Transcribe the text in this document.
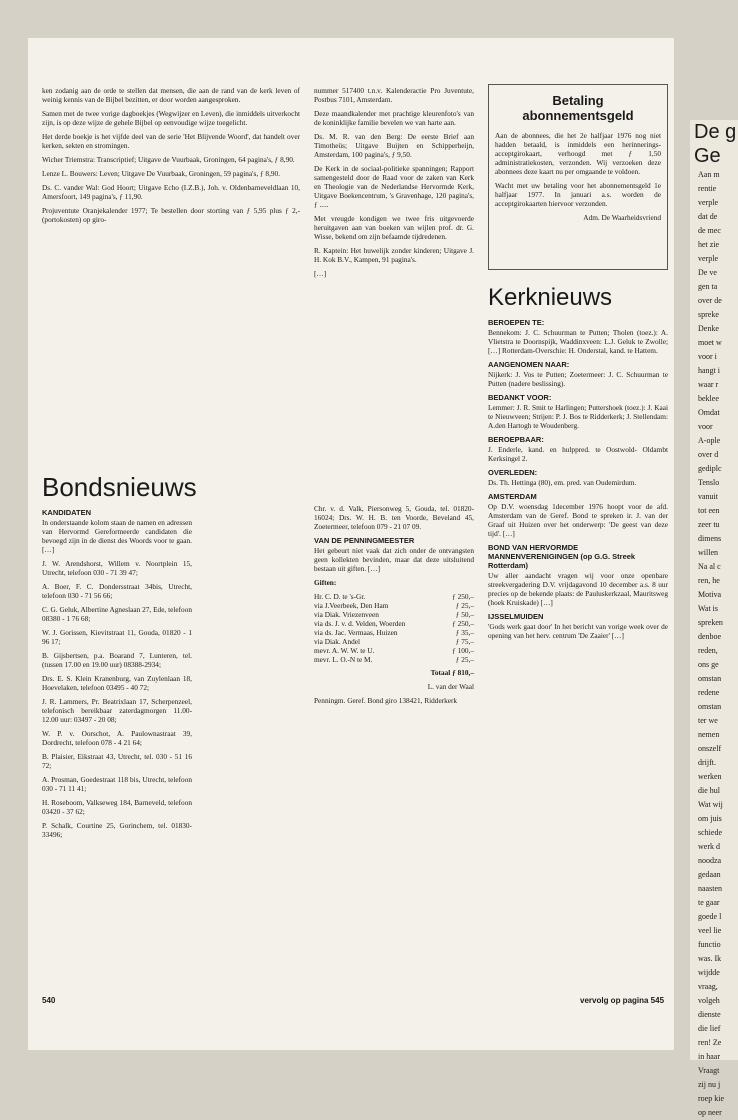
ken zodanig aan de orde te stellen dat mensen, die aan de rand van de kerk leven of weinig kennis van de Bijbel bezitten, er door worden aangesproken.

Samen met de twee vorige dagboekjes (Wegwijzer en Leven), die inmiddels uitverkocht zijn, is op deze wijze de gehele Bijbel op eenvoudige wijze toegelicht.

Het derde boekje is het vijfde deel van de serie 'Het Blijvende Woord', dat handelt over kerken, sekten en stromingen.

Wicher Triemstra: Transcriptief; Uitgave de Vuurbaak, Groningen, 64 pagina's, ƒ 8,90.

Lenze L. Bouwers: Leven; Uitgave De Vuurbaak, Groningen, 59 pagina's, ƒ 8,90.

Ds. C. vander Wal: God Hoort; Uitgave Echo (I.Z.B.), Joh. v. Oldenbarneveldlaan 10, Amersfoort, 149 pagina's, ƒ 11,90.

Projuventute Oranjekalender 1977; Te bestellen door storting van ƒ 5,95 plus ƒ 2,- (portokosten) op giro-

nummer 517400 t.n.v. Kalenderactie Pro Juventute, Postbus 7101, Amsterdam.

Deze maandkalender met prachtige kleurenfoto's van de koninklijke familie bevelen we van harte aan.

Ds. M. R. van den Berg: De eerste Brief aan Timotheüs; Uitgave Buijten en Schipperheijn, Amsterdam, 100 pagina's, ƒ 9,50.

De Kerk in de sociaal-politieke spanningen; Rapport samengesteld door de Raad voor de zaken van Kerk en Theologie van de Nederlandse Hervormde Kerk, Uitgave Boekencentrum, 's Gravenhage, 120 pagina's, ƒ .....

Met vreugde kondigen we twee fris uitgevoerde heruitgaven aan van boeken van wijlen prof. dr. G. Wisse, bekend om zijn befaamde tijdredenen.

R. Kaptein: Het huwelijk zonder kinderen; Uitgave J. H. Kok B.V., Kampen, 91 pagina's.

[…]

Betaling abonnementsgeld

Aan de abonnees, die het 2e halfjaar 1976 nog niet hadden betaald, is inmiddels een herinnerings-acceptgirokaart, verhoogd met ƒ 1,50 administratiekosten, verzonden. Wij verzoeken deze abonnees deze kaart nu per omgaande te voldoen.

Wacht met uw betaling voor het abonnementsgeld 1e halfjaar 1977. In januari a.s. worden de acceptgirokaarten hiervoor verzonden.

Adm. De Waarheidsvriend

Kerknieuws
BEROEPEN TE:

Bennekom: J. C. Schuurman te Putten; Tholen (toez.): A. Vlietstra te Doornspijk, Waddinxveen: L.J. Geluk te Zwolle; […] Rotterdam-Overschie: H. Onderstal, kand. te Hattem.

AANGENOMEN NAAR:

Nijkerk: J. Vos te Putten; Zoetermeer: J. C. Schuurman te Putten (nadere beslissing).

BEDANKT VOOR:

Lemmer: J. R. Smit te Harlingen; Puttershoek (toez.): J. Kaai te Nieuwveen; Strijen: P. J. Bos te Ridderkerk; J. Stellendam: A.den Hartogh te Woudenberg.

BEROEPBAAR:

J. Enderle, kand. en hulppred. te Oostwold- Oldambt Kerksingel 2.

OVERLEDEN:

Ds. Th. Hettinga (80), em. pred. van Oudemirdum.

AMSTERDAM

Op D.V. woensdag 1december 1976 hoopt voor de afd. Amsterdam van de Geref. Bond te spreken ir. J. van der Graaf uit Huizen over het onderwerp: 'De geest van deze tijd'. […]

BOND VAN HERVORMDE MANNENVERENIGINGEN (op G.G. Streek Rotterdam)

Uw aller aandacht vragen wij voor onze openbare streekvergadering D.V. vrijdagavond 10 december a.s. 8 uur precies op de bekende plaats: de Pauluskerkzaal, Mauritsweg (hoek Kruiskade) […]

IJSSELMUIDEN

'Gods werk gaat door' In het bericht van vorige week over de opening van het herv. centrum 'De Zaaier' […]

Bondsnieuws
KANDIDATEN

In onderstaande kolom staan de namen en adressen van Hervormd Gereformeerde candidaten die bevoegd zijn in de dienst des Woords voor te gaan. […]

J. W. Arendshorst, Willem v. Noortplein 15, Utrecht, telefoon 030 - 71 39 47;

A. Boer, F. C. Dondersstraat 34bis, Utrecht, telefoon 030 - 71 56 66;

C. G. Geluk, Albertine Agneslaan 27, Ede, telefoon 08380 - 1 76 68;

W. J. Gorissen, Kievitstraat 11, Gouda, 01820 - 1 96 17;

B. Gijsbertsen, p.a. Boarand 7, Lunteren, tel. (tussen 17.00 en 19.00 uur) 08388-2934;

Drs. E. S. Klein Kranenburg, van Zuylenlaan 18, Hoevelaken, telefoon 03495 - 40 72;

J. R. Lammers, Pr. Beatrixlaan 17, Scherpenzeel, telefonisch bereikbaar zaterdagmorgen 11.00-12.00 uur: 03497 - 20 08;

W. P. v. Oorschot, A. Paulownastraat 39, Dordrecht, telefoon 078 - 4 21 64;

B. Plaisier, Eikstraat 43, Utrecht, tel. 030 - 51 16 72;

A. Prosman, Goedestraat 118 bis, Utrecht, telefoon 030 - 71 11 41;

H. Roseboom, Valkseweg 184, Barneveld, telefoon 03420 - 37 62;

P. Schalk, Courtine 25, Gorinchem, tel. 01830-33496;

Chr. v. d. Valk, Piersonweg 5, Gouda, tel. 01820-16024; Drs. W. H. B. ten Voorde, Beveland 45, Zoetermeer, telefoon 079 - 21 07 09.

VAN DE PENNINGMEESTER

Het gebeurt niet vaak dat zich onder de ontvangsten geen kollekten bevinden, maar dat deze uitsluitend bestaan uit giften. […]

Giften:

Hr. C. D. te 's-Gr.	ƒ 250,–
via J.Veerbeek, Den Ham	ƒ 25,–
via Diak. Vriezenveen	ƒ 50,–
via ds. J. v. d. Velden, Woerden	ƒ 250,–
via ds. Jac. Vermaas, Huizen	ƒ 35,–
via Diak. Andel	ƒ 75,–
mevr. A. W. W. te U.	ƒ 100,–
mevr. L. O.-N te M.	ƒ 25,–

Totaal ƒ 810,–

L. van der Waal

Penningm. Geref. Bond giro 138421, Ridderkerk

540	vervolg op pagina 545
De g
Ge
Aan m
rentie
verple
dat de
de mec
het zie
verple
De ve
gen ta
over de
spreke
Denke
moet w
voor i
hangt i
waar r
beklee
Omdat
voor
A-ople
over d
gediplc
Tenslo
vanuit
tot een
zeer tu
dimens
willen
Na al c
ren, he
Motiva
Wat is
spreken
denboe
reden,
ons ge
omstan
redene
omstan
ter we
nemen
onszelf
drijft.
werken
die hul
Wat wij
om juis
schiede
werk d
noodza
gedaan
naasten
te gaar
goede l
veel lie
functio
was. Ik
wijdde
vraag,
volgeh
dienste
die lief
ren! Ze
in haar
Vraagt
zij nu j
roep kie
op neer
